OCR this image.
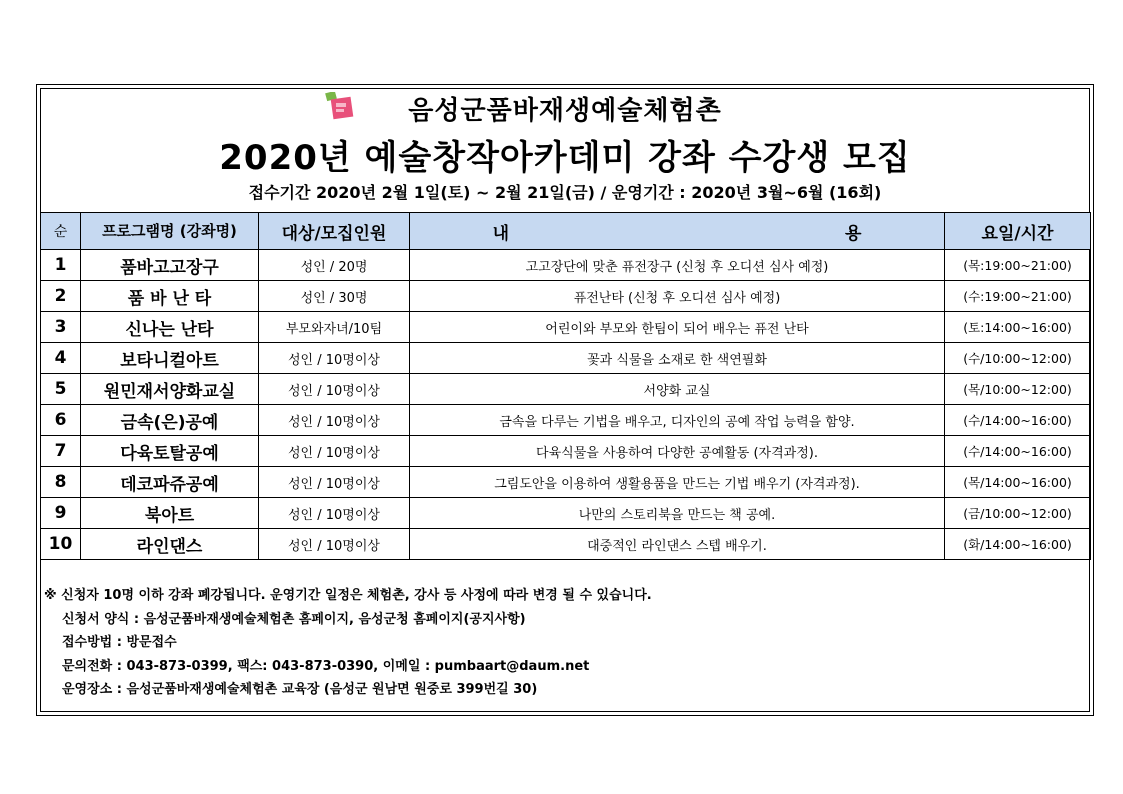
음성군품바재생예술체험촌
2020년 예술창작아카데미 강좌 수강생 모집
접수기간 2020년 2월 1일(토) ~ 2월 21일(금) / 운영기간 : 2020년 3월~6월 (16회)
순	프로그램명 (강좌명)	대상/모집인원	내 용	요일/시간
1	품바고고장구	성인 / 20명	고고장단에 맞춘 퓨전장구 (신청 후 오디션 심사 예정)	(목:19:00~21:00)
2	품 바 난 타	성인 / 30명	퓨전난타 (신청 후 오디션 심사 예정)	(수:19:00~21:00)
3	신나는 난타	부모와자녀/10팀	어린이와 부모와 한팀이 되어 배우는 퓨전 난타	(토:14:00~16:00)
4	보타니컬아트	성인 / 10명이상	꽃과 식물을 소재로 한 색연필화	(수/10:00~12:00)
5	원민재서양화교실	성인 / 10명이상	서양화 교실	(목/10:00~12:00)
6	금속(은)공예	성인 / 10명이상	금속을 다루는 기법을 배우고, 디자인의 공예 작업 능력을 함양.	(수/14:00~16:00)
7	다육토탈공예	성인 / 10명이상	다육식물을 사용하여 다양한 공예활동 (자격과정).	(수/14:00~16:00)
8	데코파쥬공예	성인 / 10명이상	그림도안을 이용하여 생활용품을 만드는 기법 배우기 (자격과정).	(목/14:00~16:00)
9	북아트	성인 / 10명이상	나만의 스토리북을 만드는 책 공예.	(금/10:00~12:00)
10	라인댄스	성인 / 10명이상	대중적인 라인댄스 스텝 배우기.	(화/14:00~16:00)
※ 신청자 10명 이하 강좌 폐강됩니다. 운영기간 일정은 체험촌, 강사 등 사정에 따라 변경 될 수 있습니다.
신청서 양식 : 음성군품바재생예술체험촌 홈페이지, 음성군청 홈페이지(공지사항)
접수방법 : 방문접수
문의전화 : 043-873-0399, 팩스: 043-873-0390, 이메일 : pumbaart@daum.net
운영장소 : 음성군품바재생예술체험촌 교육장 (음성군 원남면 원중로 399번길 30)
